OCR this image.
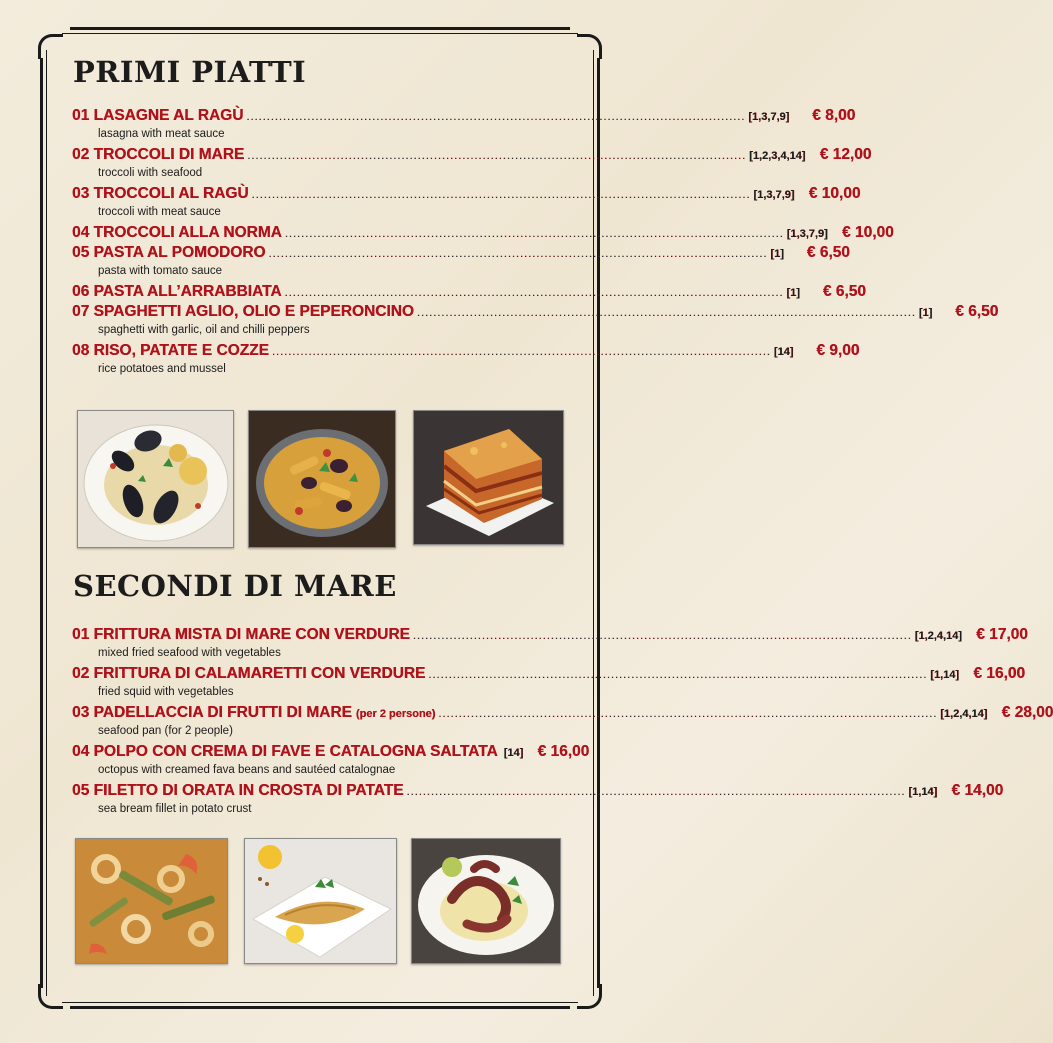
PRIMI PIATTI
01 LASAGNE AL RAGÙ ........................................................................................................................... [1,3,7,9]	€ 8,00
lasagna with meat sauce
02 TROCCOLI DI MARE ........................................................................................................................... [1,2,3,4,14] € 12,00
troccoli with seafood
03 TROCCOLI AL RAGÙ ........................................................................................................................... [1,3,7,9] € 10,00
troccoli with meat sauce
04 TROCCOLI ALLA NORMA ........................................................................................................................... [1,3,7,9] € 10,00
05 PASTA AL POMODORO ........................................................................................................................... [1]	€ 6,50
pasta with tomato sauce
06 PASTA ALL’ARRABBIATA ........................................................................................................................... [1]	€ 6,50
07 SPAGHETTI AGLIO, OLIO E PEPERONCINO ........................................................................................................................... [1]	€ 6,50
spaghetti with garlic, oil and chilli peppers
08 RISO, PATATE E COZZE ........................................................................................................................... [14]	€ 9,00
rice potatoes and mussel
SECONDI DI MARE
01 FRITTURA MISTA DI MARE CON VERDURE ........................................................................................................................... [1,2,4,14] € 17,00
mixed fried seafood with vegetables
02 FRITTURA DI CALAMARETTI CON VERDURE ........................................................................................................................... [1,14] € 16,00
fried squid with vegetables
03 PADELLACCIA DI FRUTTI DI MARE (per 2 persone) ........................................................................................................................... [1,2,4,14] € 28,00
seafood pan (for 2 people)
04 POLPO CON CREMA DI FAVE E CATALOGNA SALTATA [14] € 16,00
octopus with creamed fava beans and sautéed catalognae
05 FILETTO DI ORATA IN CROSTA DI PATATE ........................................................................................................................... [1,14] € 14,00
sea bream fillet in potato crust
